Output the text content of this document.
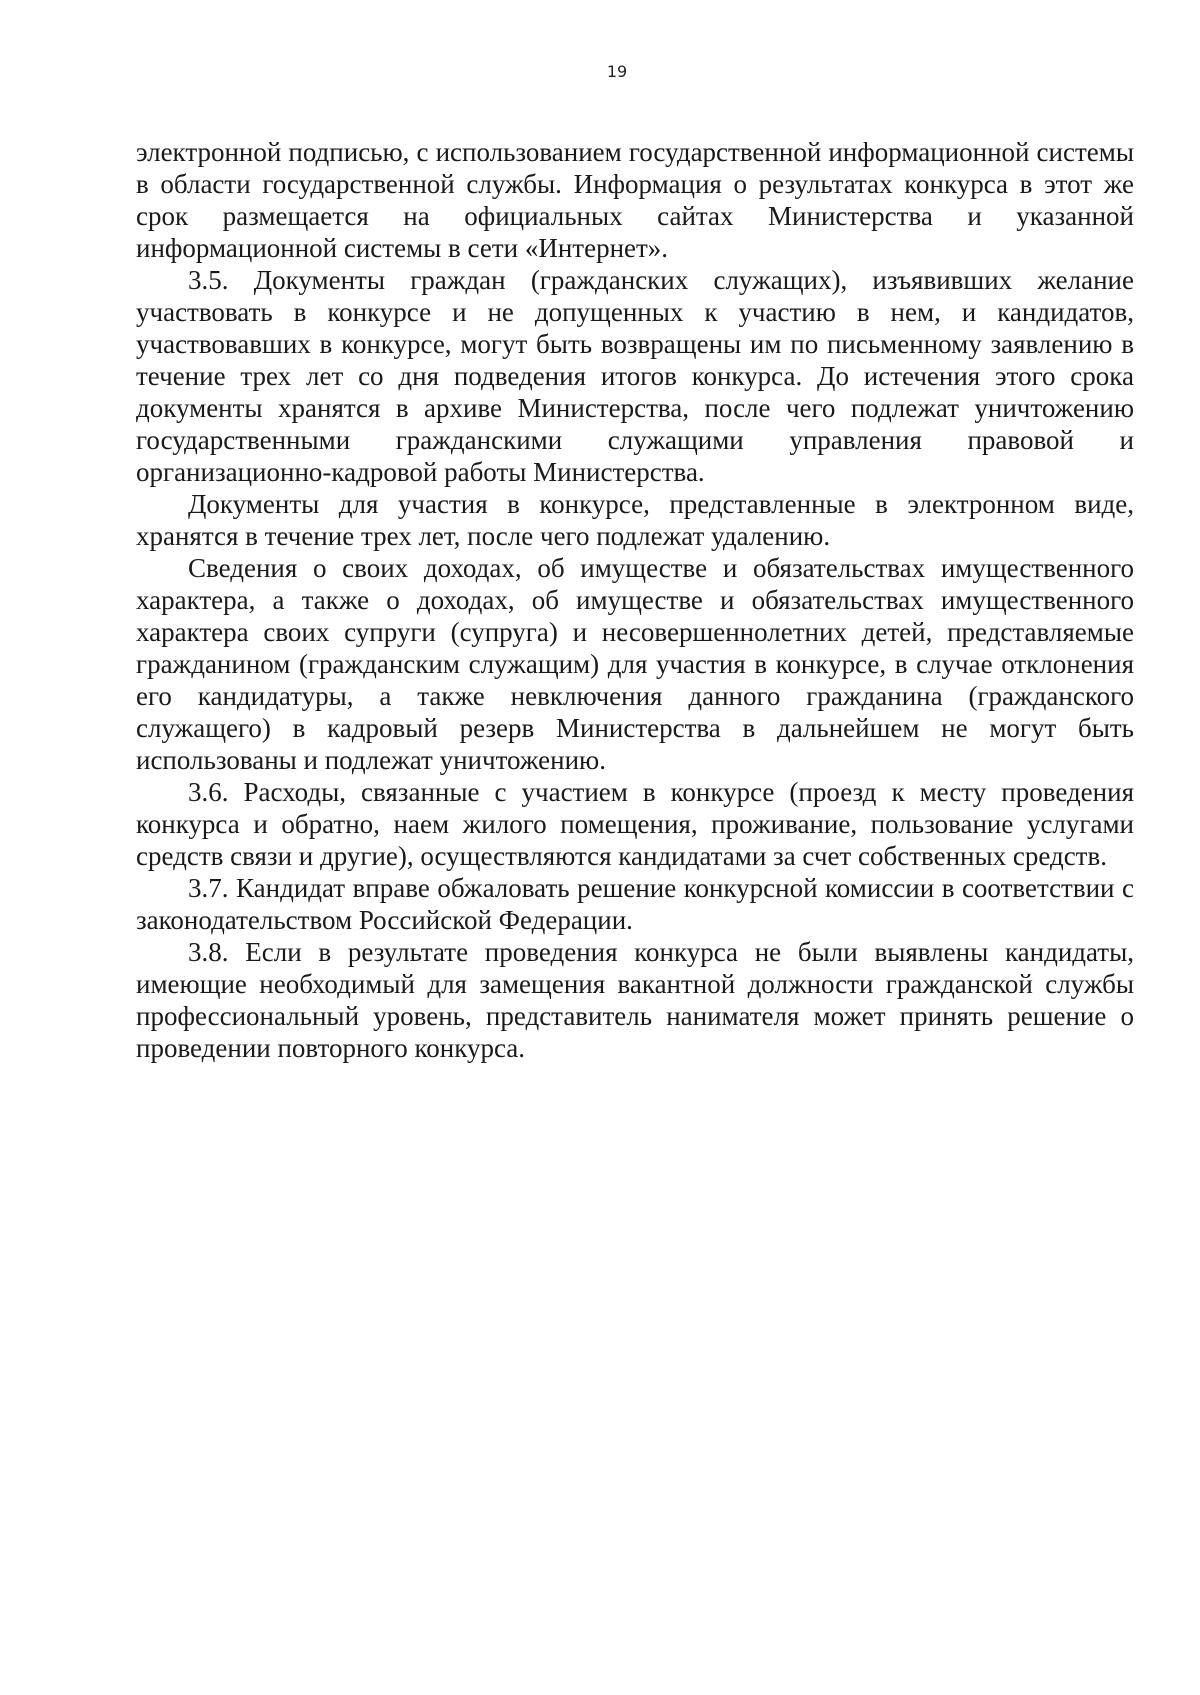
19

электронной подписью, с использованием государственной информационной системы в области государственной службы. Информация о результатах конкурса в этот же срок размещается на официальных сайтах Министерства и указанной информационной системы в сети «Интернет».

3.5. Документы граждан (гражданских служащих), изъявивших желание участвовать в конкурсе и не допущенных к участию в нем, и кандидатов, участвовавших в конкурсе, могут быть возвращены им по письменному заявлению в течение трех лет со дня подведения итогов конкурса. До истечения этого срока документы хранятся в архиве Министерства, после чего подлежат уничтожению государственными гражданскими служащими управления правовой и организационно-кадровой работы Министерства.

Документы для участия в конкурсе, представленные в электронном виде, хранятся в течение трех лет, после чего подлежат удалению.

Сведения о своих доходах, об имуществе и обязательствах имущественного характера, а также о доходах, об имуществе и обязательствах имущественного характера своих супруги (супруга) и несовершеннолетних детей, представляемые гражданином (гражданским служащим) для участия в конкурсе, в случае отклонения его кандидатуры, а также невключения данного гражданина (гражданского служащего) в кадровый резерв Министерства в дальнейшем не могут быть использованы и подлежат уничтожению.

3.6. Расходы, связанные с участием в конкурсе (проезд к месту проведения конкурса и обратно, наем жилого помещения, проживание, пользование услугами средств связи и другие), осуществляются кандидатами за счет собственных средств.

3.7. Кандидат вправе обжаловать решение конкурсной комиссии в соответствии с законодательством Российской Федерации.

3.8. Если в результате проведения конкурса не были выявлены кандидаты, имеющие необходимый для замещения вакантной должности гражданской службы профессиональный уровень, представитель нанимателя может принять решение о проведении повторного конкурса.
